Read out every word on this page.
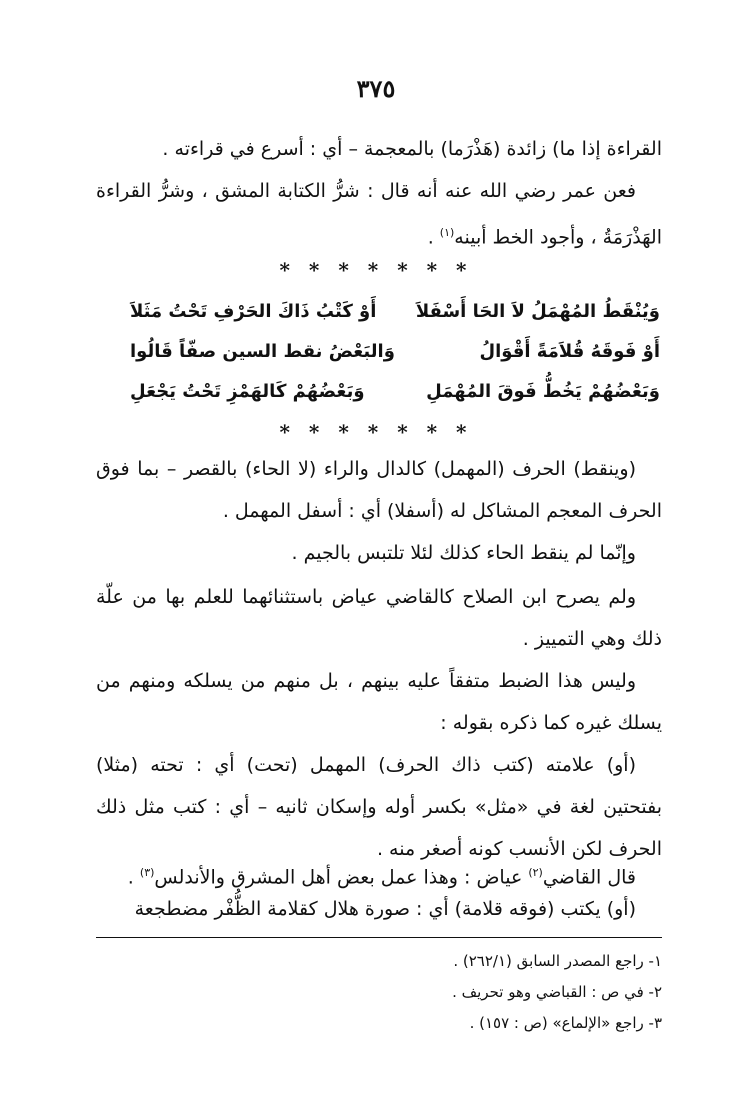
٣٧٥

القراءة إذا ما) زائدة (هَذْرَما) بالمعجمة – أي : أسرع في قراءته .

فعن عمر رضي الله عنه أنه قال : شرُّ الكتابة المشق ، وشرُّ القراءة الهَذْرَمَةُ ، وأجود الخط أبينه$^{(١)}$ .

* * * * * * *
وَيُنْقَطُ المُهْمَلُ لاَ الحَا أَسْفَلاَ
أَوْ كَتْبُ ذَاكَ الحَرْفِ تَحْتُ مَثَلاَ
أَوْ فَوقَهُ قُلاَمَةً أَقْوَالُ
وَالبَعْضُ نقط السين صفّاً قَالُوا
وَبَعْضُهُمْ يَخُطُّ فَوقَ المُهْمَلِ
وَبَعْضُهُمْ كَالهَمْزِ تَحْتُ يَجْعَلِ
* * * * * * *

(وينقط) الحرف (المهمل) كالدال والراء (لا الحاء) بالقصر – بما فوق الحرف المعجم المشاكل له (أسفلا) أي : أسفل المهمل .

وإنّما لم ينقط الحاء كذلك لئلا تلتبس بالجيم .

ولم يصرح ابن الصلاح كالقاضي عياض باستثنائهما للعلم بها من علّة ذلك وهي التمييز .

وليس هذا الضبط متفقاً عليه بينهم ، بل منهم من يسلكه ومنهم من يسلك غيره كما ذكره بقوله :

(أو) علامته (كتب ذاك الحرف) المهمل (تحت) أي : تحته (مثلا) بفتحتين لغة في «مثل» بكسر أوله وإسكان ثانيه – أي : كتب مثل ذلك الحرف لكن الأنسب كونه أصغر منه .

قال القاضي$^{(٢)}$ عياض : وهذا عمل بعض أهل المشرق والأندلس$^{(٣)}$ .

(أو) يكتب (فوقه قلامة) أي : صورة هلال كقلامة الظُّفْر مضطجعة

١- راجع المصدر السابق (٢٦٢/١) .
٢- في ص : القباضي وهو تحريف .
٣- راجع «الإلماع» (ص : ١٥٧) .
